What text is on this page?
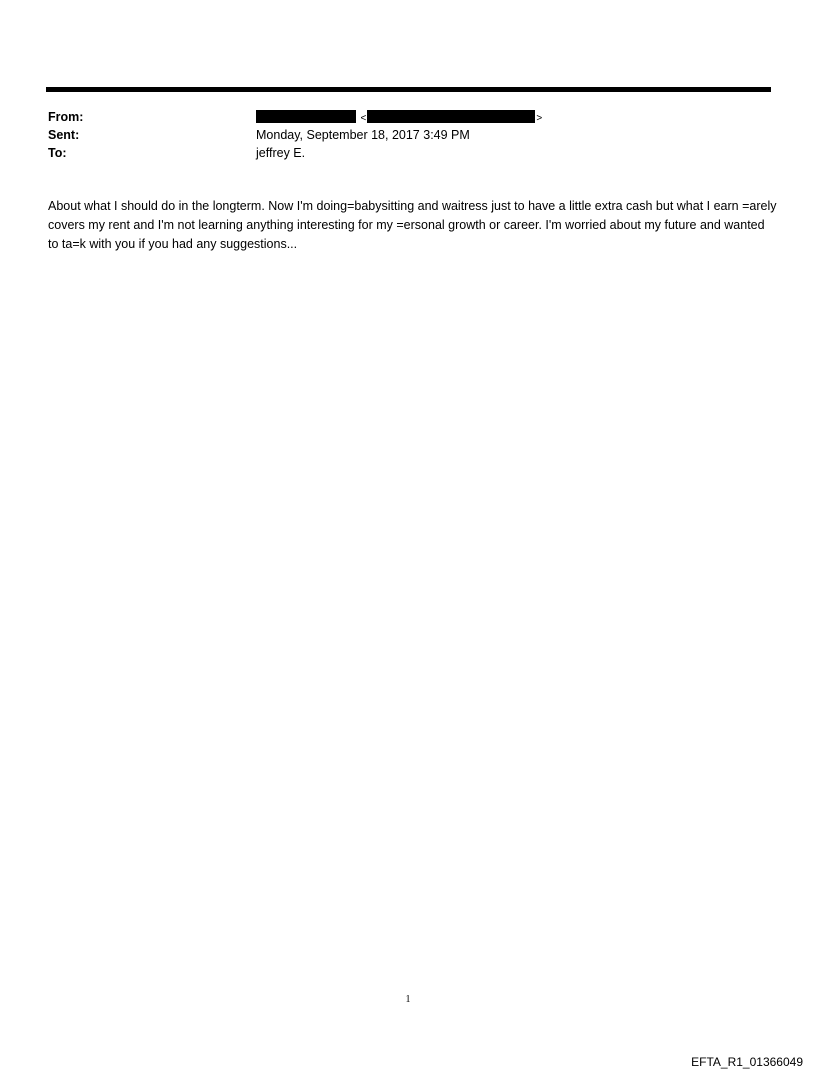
From:	<	>
Sent:	Monday, September 18, 2017 3:49 PM
To:	jeffrey E.
About what I should do in the longterm. Now I'm doing=babysitting and waitress just to have a little extra cash but what I earn =arely covers my rent and I'm not learning anything interesting for my =ersonal growth or career. I'm worried about my future and wanted to ta=k with you if you had any suggestions...
1
EFTA_R1_01366049
